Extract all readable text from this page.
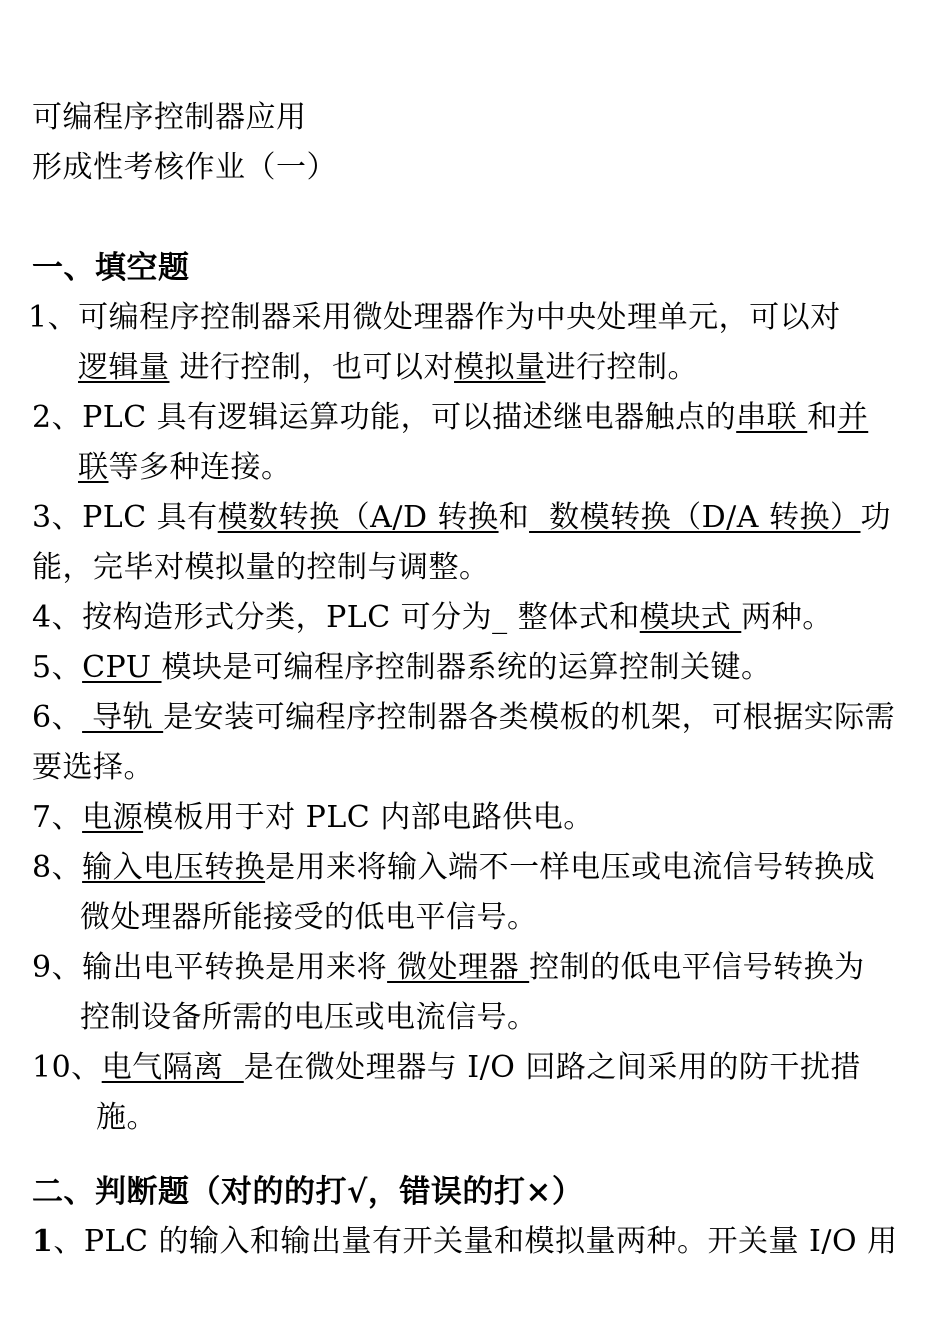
可编程序控制器应用
形成性考核作业（一）
一、填空题
1、可编程序控制器采用微处理器作为中央处理单元，可以对
逻辑量 进行控制，也可以对模拟量进行控制。
2、PLC 具有逻辑运算功能，可以描述继电器触点的串联 和并
联等多种连接。
3、PLC 具有模数转换（A/D 转换和  数模转换（D/A 转换）功
能，完毕对模拟量的控制与调整。
4、按构造形式分类，PLC 可分为_ 整体式和模块式 两种。
5、CPU 模块是可编程序控制器系统的运算控制关键。
6、 导轨 是安装可编程序控制器各类模板的机架，可根据实际需
要选择。
7、电源模板用于对 PLC 内部电路供电。
8、输入电压转换是用来将输入端不一样电压或电流信号转换成
微处理器所能接受的低电平信号。
9、输出电平转换是用来将 微处理器 控制的低电平信号转换为
控制设备所需的电压或电流信号。
10、电气隔离  是在微处理器与 I/O 回路之间采用的防干扰措
施。
二、判断题（对的的打√，错误的打×）
1、PLC 的输入和输出量有开关量和模拟量两种。开关量 I/O 用
